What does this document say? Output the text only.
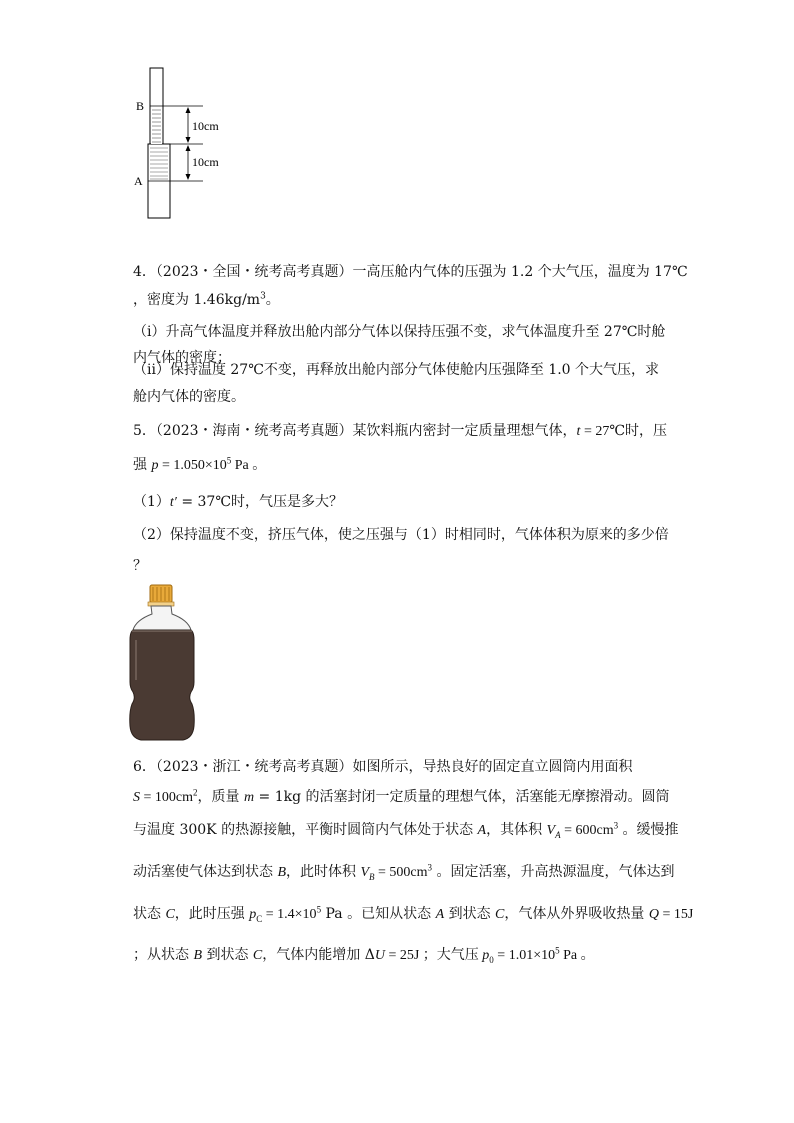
B
A
10cm
10cm
4．（2023・全国・统考高考真题）一高压舱内气体的压强为 1.2 个大气压，温度为 17℃
，密度为 $1.46kg/m^3$。
（i）升高气体温度并释放出舱内部分气体以保持压强不变，求气体温度升至 27℃时舱
内气体的密度；
（ii）保持温度 27℃不变，再释放出舱内部分气体使舱内压强降至 1.0 个大气压，求
舱内气体的密度。
5．（2023・海南・统考高考真题）某饮料瓶内密封一定质量理想气体，t = 27℃时，压
强 $p = 1.050\times 10^5$ Pa 。
（1）t′ = 37℃时，气压是多大？
（2）保持温度不变，挤压气体，使之压强与（1）时相同时，气体体积为原来的多少倍
？
6．（2023・浙江・统考高考真题）如图所示，导热良好的固定直立圆筒内用面积
$S = 100cm^2$，质量 m = 1kg 的活塞封闭一定质量的理想气体，活塞能无摩擦滑动。圆筒
与温度 300K 的热源接触，平衡时圆筒内气体处于状态 A，其体积 $V_A = 600cm^3$ 。缓慢推
动活塞使气体达到状态 B，此时体积 $V_B = 500cm^3$ 。固定活塞，升高热源温度，气体达到
状态 C，此时压强 $p_C = 1.4\times 10^5$ Pa 。已知从状态 A 到状态 C，气体从外界吸收热量 Q = 15J
；从状态 B 到状态 C，气体内能增加 ΔU = 25J ；大气压 $p_0 = 1.01\times 10^5$ Pa 。
